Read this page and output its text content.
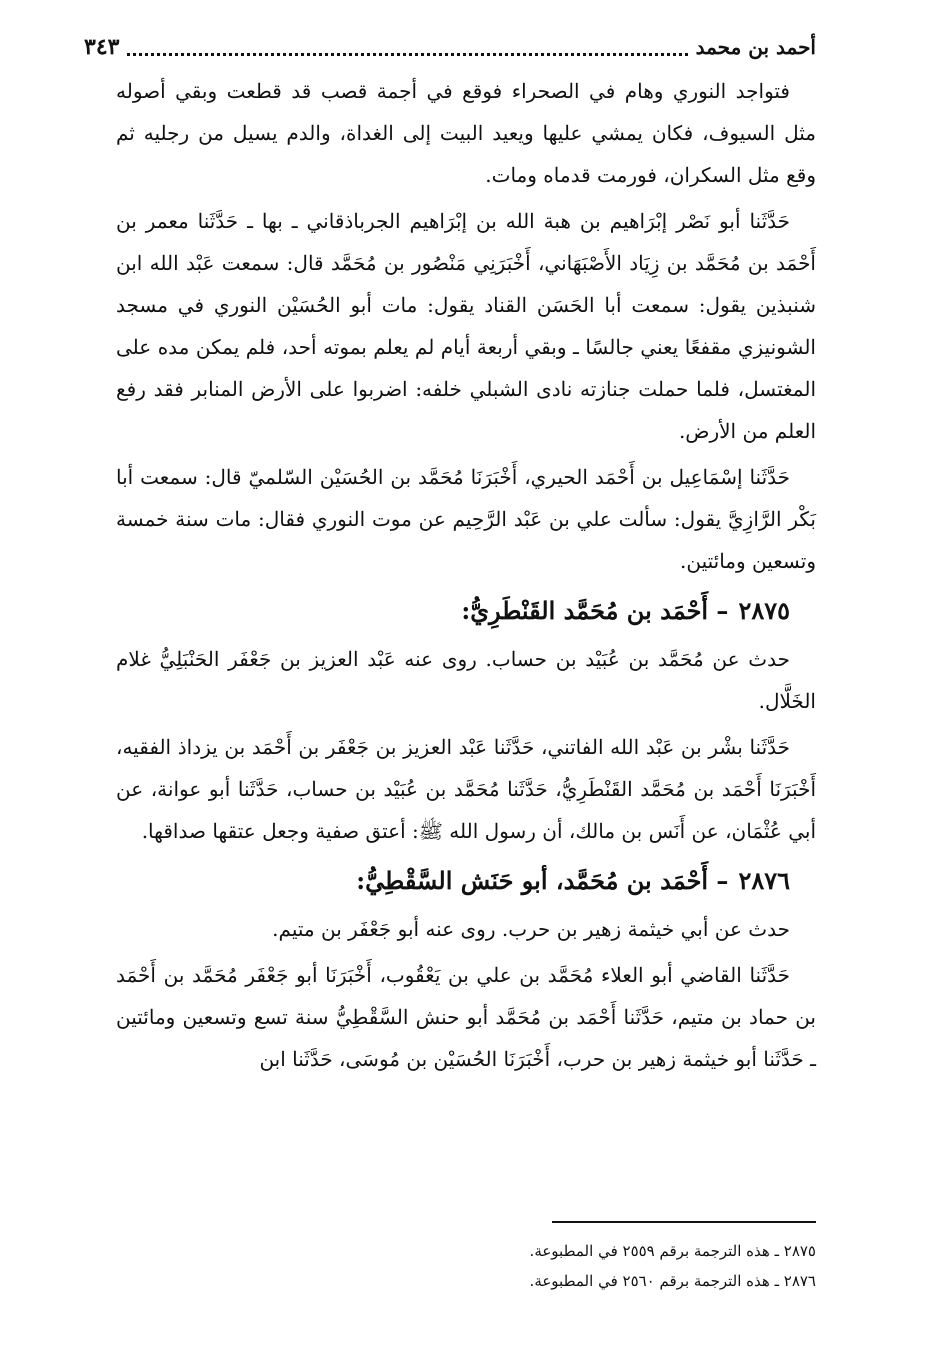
أحمد بن محمد
٣٤٣

فتواجد النوري وهام في الصحراء فوقع في أجمة قصب قد قطعت وبقي أصوله مثل السيوف، فكان يمشي عليها ويعيد البيت إلى الغداة، والدم يسيل من رجليه ثم وقع مثل السكران، فورمت قدماه ومات.

حَدَّثَنا أبو نَصْر إبْرَاهيم بن هبة الله بن إبْرَاهيم الجرباذقاني ـ بها ـ حَدَّثَنا معمر بن أَحْمَد بن مُحَمَّد بن زِيَاد الأَصْبَهَاني، أَخْبَرَنِي مَنْصُور بن مُحَمَّد قال: سمعت عَبْد الله ابن شنبذين يقول: سمعت أبا الحَسَن القناد يقول: مات أبو الحُسَيْن النوري في مسجد الشونيزي مقفعًا يعني جالسًا ـ وبقي أربعة أيام لم يعلم بموته أحد، فلم يمكن مده على المغتسل، فلما حملت جنازته نادى الشبلي خلفه: اضربوا على الأرض المنابر فقد رفع العلم من الأرض.

حَدَّثَنا إسْمَاعِيل بن أَحْمَد الحيري، أَخْبَرَنَا مُحَمَّد بن الحُسَيْن السّلميّ قال: سمعت أبا بَكْر الرَّازِيَّ يقول: سألت علي بن عَبْد الرَّحِيم عن موت النوري فقال: مات سنة خمسة وتسعين ومائتين.

٢٨٧٥– أَحْمَد بن مُحَمَّد القَنْطَرِيُّ:

حدث عن مُحَمَّد بن عُبَيْد بن حساب. روى عنه عَبْد العزيز بن جَعْفَر الحَنْبَلِيُّ غلام الخَلَّال.

حَدَّثَنا بشْر بن عَبْد الله الفاتني، حَدَّثَنا عَبْد العزيز بن جَعْفَر بن أَحْمَد بن يزداذ الفقيه، أَخْبَرَنَا أَحْمَد بن مُحَمَّد القَنْطَرِيُّ، حَدَّثَنا مُحَمَّد بن عُبَيْد بن حساب، حَدَّثَنا أبو عوانة، عن أبي عُثْمَان، عن أَنَس بن مالك، أن رسول الله ﷺ: أعتق صفية وجعل عتقها صداقها.

٢٨٧٦– أَحْمَد بن مُحَمَّد، أبو حَنَش السَّقْطِيُّ:

حدث عن أبي خيثمة زهير بن حرب. روى عنه أبو جَعْفَر بن متيم.

حَدَّثَنا القاضي أبو العلاء مُحَمَّد بن علي بن يَعْقُوب، أَخْبَرَنَا أبو جَعْفَر مُحَمَّد بن أَحْمَد بن حماد بن متيم، حَدَّثَنا أَحْمَد بن مُحَمَّد أبو حنش السَّقْطِيُّ سنة تسع وتسعين ومائتين ـ حَدَّثَنا أبو خيثمة زهير بن حرب، أَخْبَرَنَا الحُسَيْن بن مُوسَى، حَدَّثَنا ابن

٢٨٧٥ ـ هذه الترجمة برقم ٢٥٥٩ في المطبوعة.
٢٨٧٦ ـ هذه الترجمة برقم ٢٥٦٠ في المطبوعة.
